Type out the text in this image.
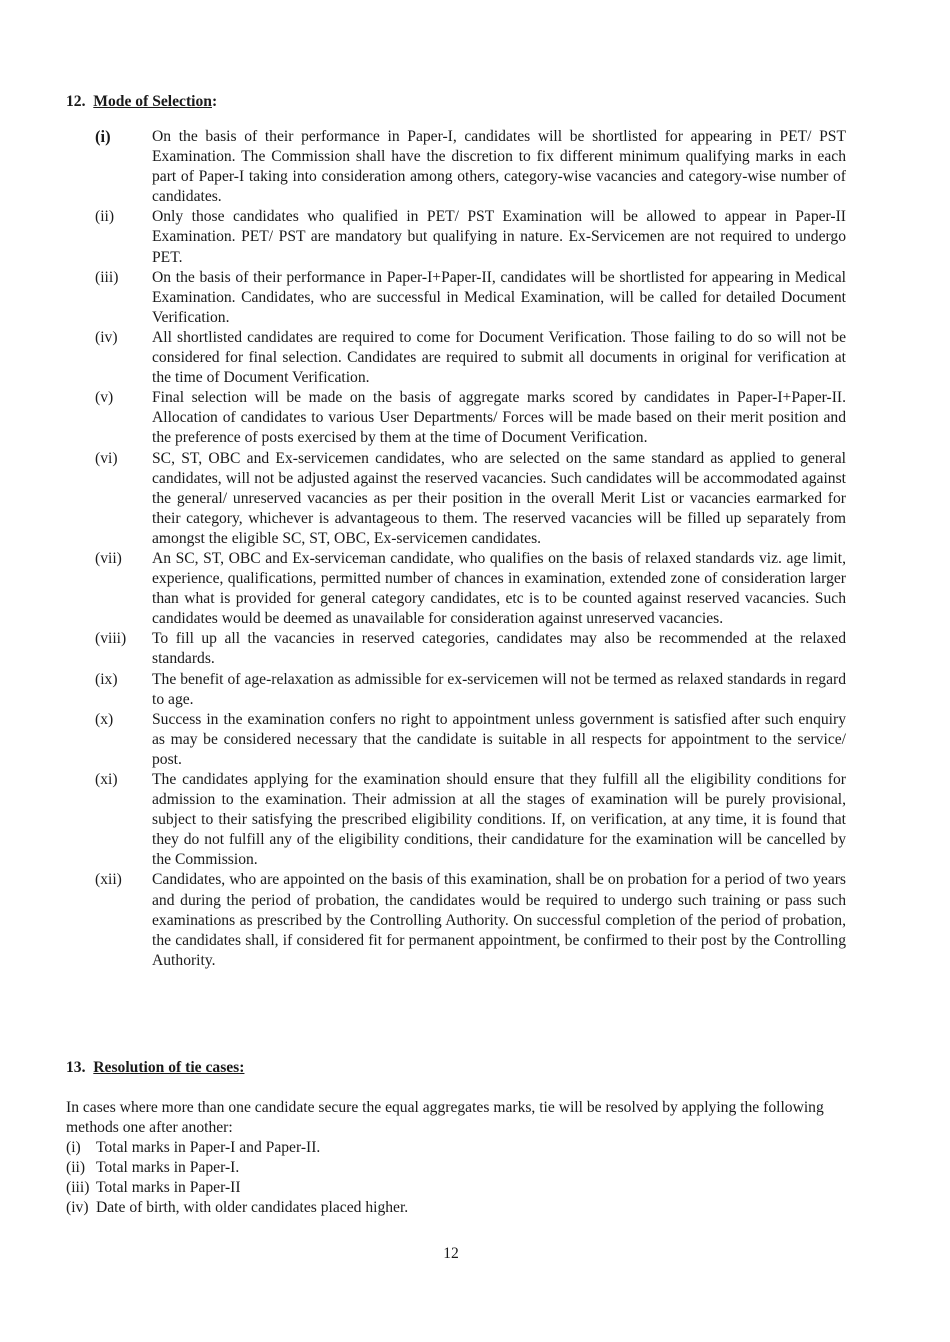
12. Mode of Selection:
(i)	On the basis of their performance in Paper-I, candidates will be shortlisted for appearing in PET/ PST Examination. The Commission shall have the discretion to fix different minimum qualifying marks in each part of Paper-I taking into consideration among others, category-wise vacancies and category-wise number of candidates.
(ii) Only those candidates who qualified in PET/ PST Examination will be allowed to appear in Paper-II Examination. PET/ PST are mandatory but qualifying in nature. Ex-Servicemen are not required to undergo PET.
(iii) On the basis of their performance in Paper-I+Paper-II, candidates will be shortlisted for appearing in Medical Examination. Candidates, who are successful in Medical Examination, will be called for detailed Document Verification.
(iv) All shortlisted candidates are required to come for Document Verification. Those failing to do so will not be considered for final selection. Candidates are required to submit all documents in original for verification at the time of Document Verification.
(v) Final selection will be made on the basis of aggregate marks scored by candidates in Paper-I+Paper-II. Allocation of candidates to various User Departments/ Forces will be made based on their merit position and the preference of posts exercised by them at the time of Document Verification.
(vi) SC, ST, OBC and Ex-servicemen candidates, who are selected on the same standard as applied to general candidates, will not be adjusted against the reserved vacancies. Such candidates will be accommodated against the general/ unreserved vacancies as per their position in the overall Merit List or vacancies earmarked for their category, whichever is advantageous to them. The reserved vacancies will be filled up separately from amongst the eligible SC, ST, OBC, Ex-servicemen candidates.
(vii) An SC, ST, OBC and Ex-serviceman candidate, who qualifies on the basis of relaxed standards viz. age limit, experience, qualifications, permitted number of chances in examination, extended zone of consideration larger than what is provided for general category candidates, etc is to be counted against reserved vacancies. Such candidates would be deemed as unavailable for consideration against unreserved vacancies.
(viii) To fill up all the vacancies in reserved categories, candidates may also be recommended at the relaxed standards.
(ix) The benefit of age-relaxation as admissible for ex-servicemen will not be termed as relaxed standards in regard to age.
(x) Success in the examination confers no right to appointment unless government is satisfied after such enquiry as may be considered necessary that the candidate is suitable in all respects for appointment to the service/ post.
(xi) The candidates applying for the examination should ensure that they fulfill all the eligibility conditions for admission to the examination. Their admission at all the stages of examination will be purely provisional, subject to their satisfying the prescribed eligibility conditions. If, on verification, at any time, it is found that they do not fulfill any of the eligibility conditions, their candidature for the examination will be cancelled by the Commission.
(xii) Candidates, who are appointed on the basis of this examination, shall be on probation for a period of two years and during the period of probation, the candidates would be required to undergo such training or pass such examinations as prescribed by the Controlling Authority. On successful completion of the period of probation, the candidates shall, if considered fit for permanent appointment, be confirmed to their post by the Controlling Authority.
13. Resolution of tie cases:

In cases where more than one candidate secure the equal aggregates marks, tie will be resolved by applying the following methods one after another:

(i) Total marks in Paper-I and Paper-II.
(ii) Total marks in Paper-I.
(iii) Total marks in Paper-II
(iv) Date of birth, with older candidates placed higher.
12
